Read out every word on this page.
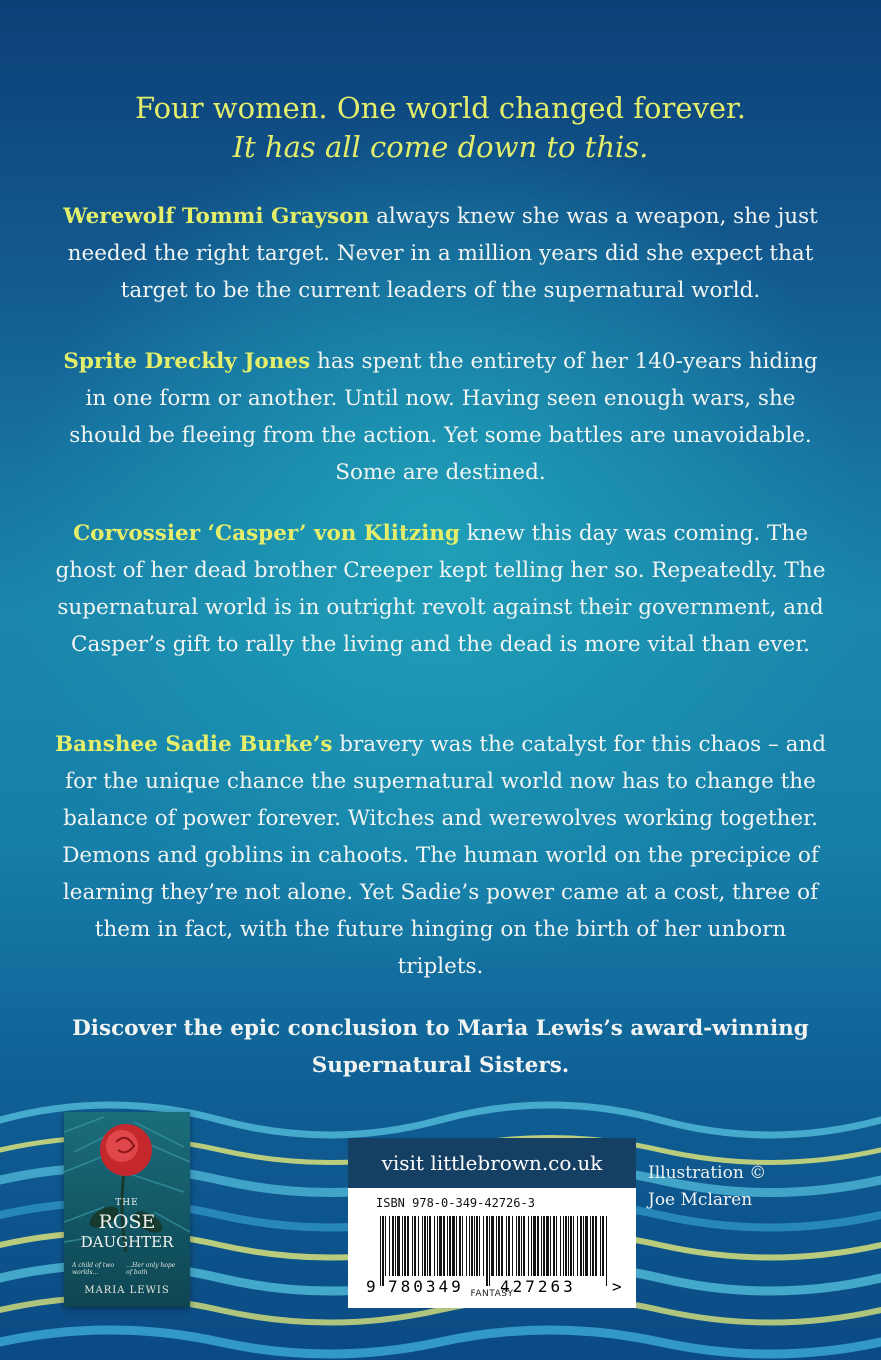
Four women. One world changed forever.
It has all come down to this.

Werewolf Tommi Grayson always knew she was a weapon, she just needed the right target. Never in a million years did she expect that target to be the current leaders of the supernatural world.

Sprite Dreckly Jones has spent the entirety of her 140-years hiding in one form or another. Until now. Having seen enough wars, she should be fleeing from the action. Yet some battles are unavoidable. Some are destined.

Corvossier ‘Casper’ von Klitzing knew this day was coming. The ghost of her dead brother Creeper kept telling her so. Repeatedly. The supernatural world is in outright revolt against their government, and Casper’s gift to rally the living and the dead is more vital than ever.

Banshee Sadie Burke’s bravery was the catalyst for this chaos – and for the unique chance the supernatural world now has to change the balance of power forever. Witches and werewolves working together. Demons and goblins in cahoots. The human world on the precipice of learning they’re not alone. Yet Sadie’s power came at a cost, three of them in fact, with the future hinging on the birth of her unborn triplets.

Discover the epic conclusion to Maria Lewis’s award-winning Supernatural Sisters.

THE
ROSE
DAUGHTER
A child of two worlds…
…Her only hope of both
MARIA LEWIS
visit littlebrown.co.uk
ISBN 978-0-349-42726-3
9 780349 427263 >
FANTASY
Illustration ©
Joe Mclaren
